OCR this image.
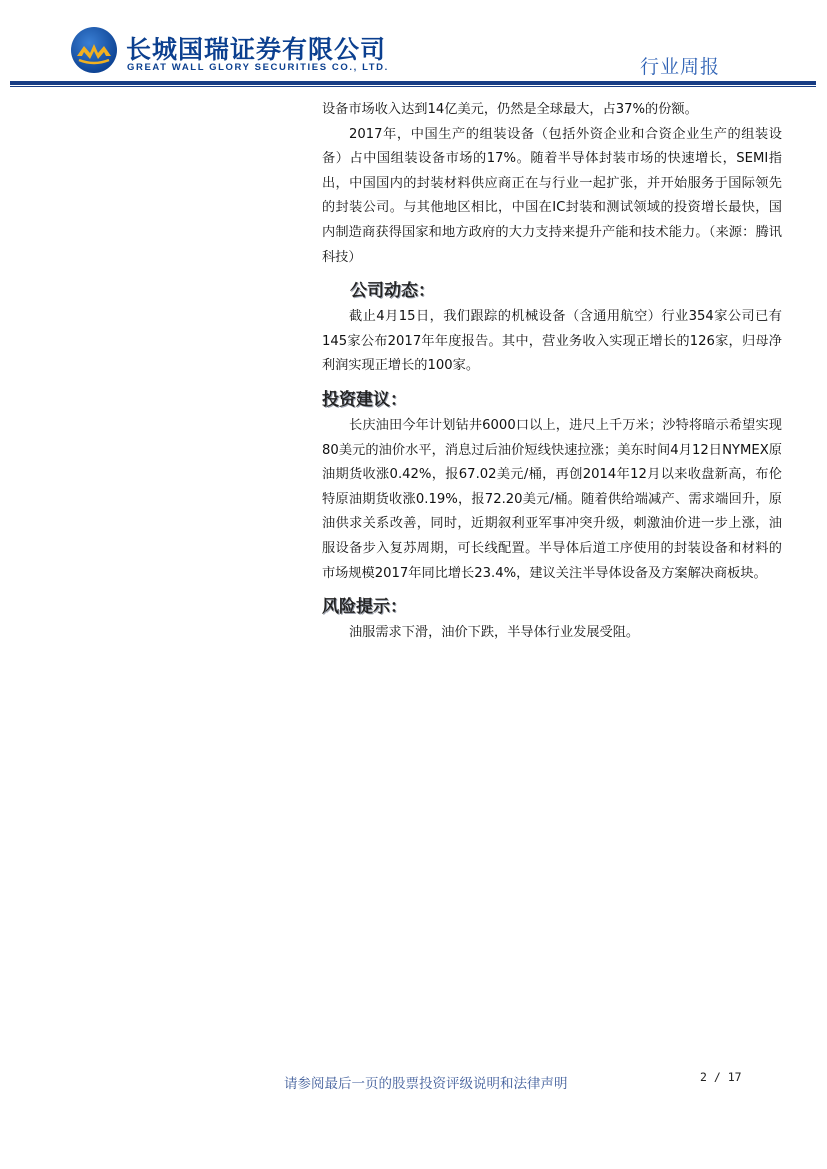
长城国瑞证券有限公司
GREAT WALL GLORY SECURITIES CO., LTD.	行业周报

设备市场收入达到14亿美元，仍然是全球最大，占37%的份额。

2017年，中国生产的组装设备（包括外资企业和合资企业生产的组装设备）占中国组装设备市场的17%。随着半导体封装市场的快速增长，SEMI指出，中国国内的封装材料供应商正在与行业一起扩张，并开始服务于国际领先的封装公司。与其他地区相比，中国在IC封装和测试领域的投资增长最快，国内制造商获得国家和地方政府的大力支持来提升产能和技术能力。（来源：腾讯科技）

公司动态：

截止4月15日，我们跟踪的机械设备（含通用航空）行业354家公司已有145家公布2017年年度报告。其中，营业务收入实现正增长的126家，归母净利润实现正增长的100家。

投资建议：

长庆油田今年计划钻井6000口以上，进尺上千万米；沙特将暗示希望实现80美元的油价水平，消息过后油价短线快速拉涨；美东时间4月12日NYMEX原油期货收涨0.42%，报67.02美元/桶，再创2014年12月以来收盘新高，布伦特原油期货收涨0.19%，报72.20美元/桶。随着供给端减产、需求端回升，原油供求关系改善，同时，近期叙利亚军事冲突升级，刺激油价进一步上涨，油服设备步入复苏周期，可长线配置。半导体后道工序使用的封装设备和材料的市场规模2017年同比增长23.4%，建议关注半导体设备及方案解决商板块。

风险提示：

油服需求下滑，油价下跌，半导体行业发展受阻。

请参阅最后一页的股票投资评级说明和法律声明	2 / 17
